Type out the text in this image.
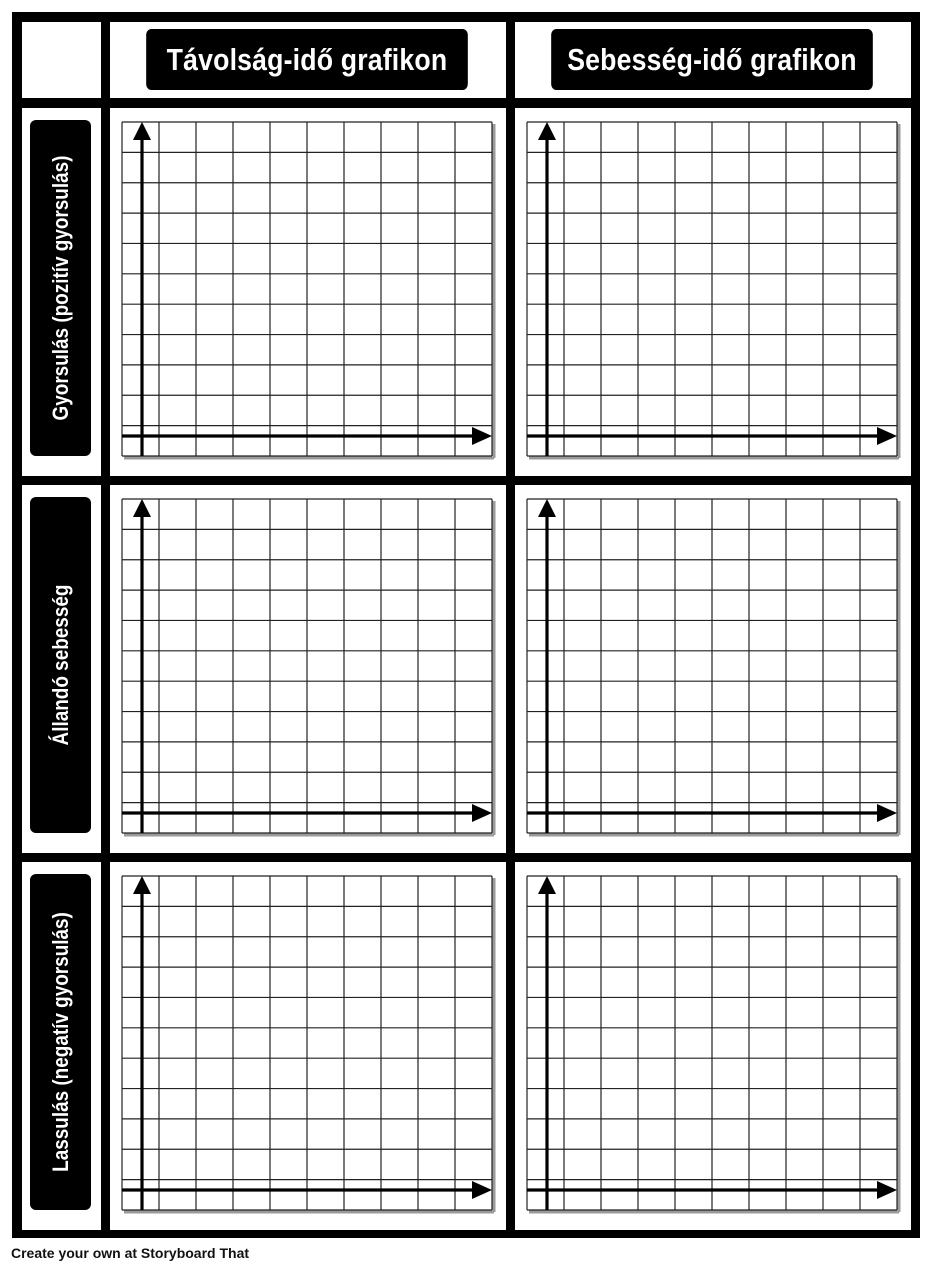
Távolság-idő grafikon	Sebesség-idő grafikon
Gyorsulás (pozitív gyorsulás)
Állandó sebesség
Lassulás (negatív gyorsulás)
Create your own at Storyboard That
